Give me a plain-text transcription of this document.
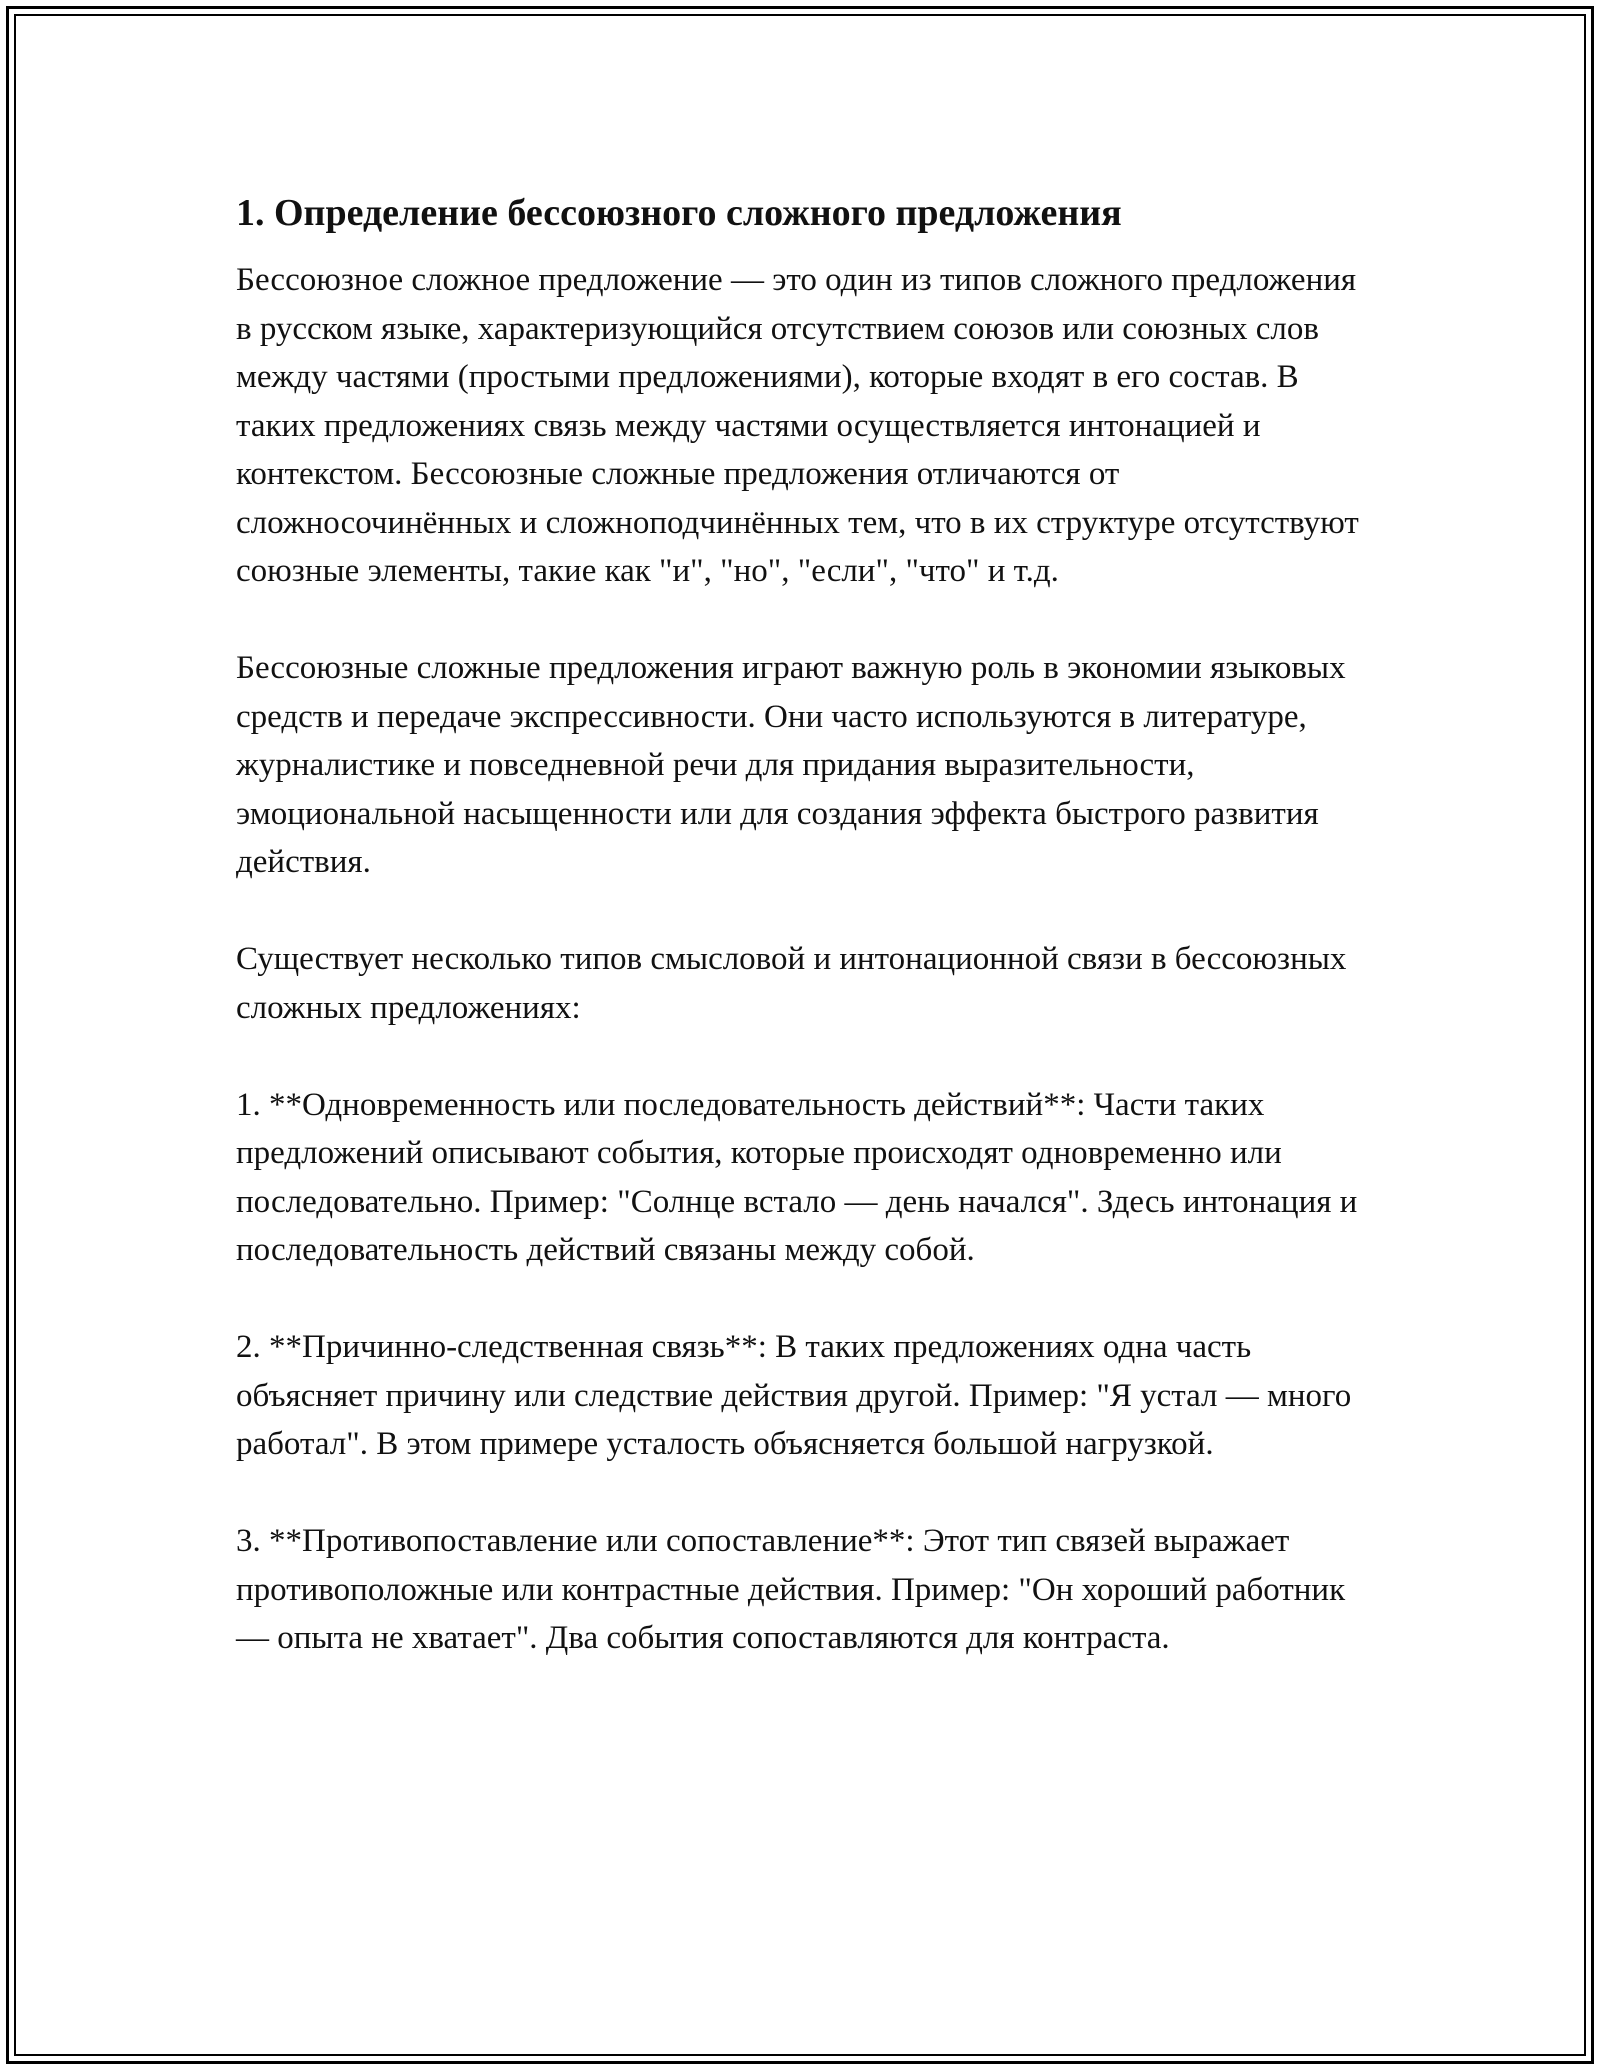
1. Определение бессоюзного сложного предложения

Бессоюзное сложное предложение — это один из типов сложного предложения в русском языке, характеризующийся отсутствием союзов или союзных слов между частями (простыми предложениями), которые входят в его состав. В таких предложениях связь между частями осуществляется интонацией и контекстом. Бессоюзные сложные предложения отличаются от сложносочинённых и сложноподчинённых тем, что в их структуре отсутствуют союзные элементы, такие как "и", "но", "если", "что" и т.д.

Бессоюзные сложные предложения играют важную роль в экономии языковых средств и передаче экспрессивности. Они часто используются в литературе, журналистике и повседневной речи для придания выразительности, эмоциональной насыщенности или для создания эффекта быстрого развития действия.

Существует несколько типов смысловой и интонационной связи в бессоюзных сложных предложениях:

1. **Одновременность или последовательность действий**: Части таких предложений описывают события, которые происходят одновременно или последовательно. Пример: "Солнце встало — день начался". Здесь интонация и последовательность действий связаны между собой.

2. **Причинно-следственная связь**: В таких предложениях одна часть объясняет причину или следствие действия другой. Пример: "Я устал — много работал". В этом примере усталость объясняется большой нагрузкой.

3. **Противопоставление или сопоставление**: Этот тип связей выражает противоположные или контрастные действия. Пример: "Он хороший работник — опыта не хватает". Два события сопоставляются для контраста.
